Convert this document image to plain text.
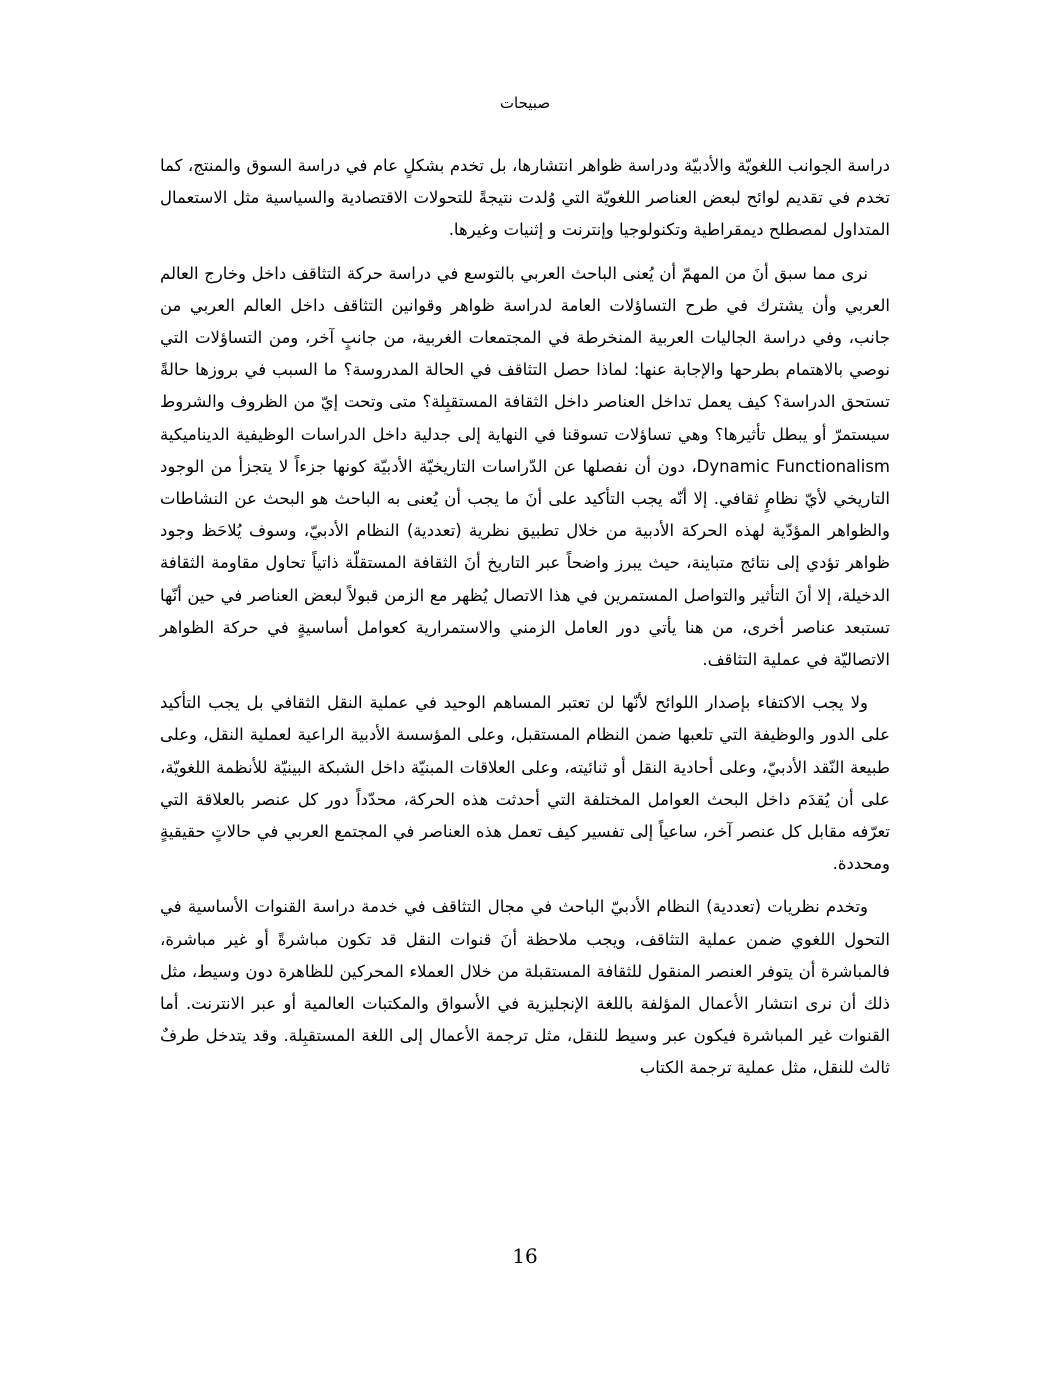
صبيحات

دراسة الجوانب اللغويّة والأدبيّة ودراسة ظواهر انتشارها، بل تخدم بشكلٍ عام في دراسة السوق والمنتج، كما تخدم في تقديم لوائح لبعض العناصر اللغويّة التي وُلدت نتيجةً للتحولات الاقتصادية والسياسية مثل الاستعمال المتداول لمصطلح ديمقراطية وتكنولوجيا وإنترنت و إثنيات وغيرها.

نرى مما سبق أنَ من المهمّ أن يُعنى الباحث العربي بالتوسع في دراسة حركة التثاقف داخل وخارج العالم العربي وأن يشترك في طرح التساؤلات العامة لدراسة ظواهر وقوانين التثاقف داخل العالم العربي من جانب، وفي دراسة الجاليات العربية المنخرطة في المجتمعات الغربية، من جانبٍ آخر، ومن التساؤلات التي نوصي بالاهتمام بطرحها والإجابة عنها: لماذا حصل التثاقف في الحالة المدروسة؟ ما السبب في بروزها حالةً تستحق الدراسة؟ كيف يعمل تداخل العناصر داخل الثقافة المستقبِلة؟ متى وتحت إيّ من الظروف والشروط سيستمرّ أو يبطل تأثيرها؟ وهي تساؤلات تسوقنا في النهاية إلى جدلية داخل الدراسات الوظيفية الديناميكية Dynamic Functionalism، دون أن نفصلها عن الدّراسات التاريخيّة الأدبيّة كونها جزءاً لا يتجزأ من الوجود التاريخي لأيّ نظامٍ ثقافي. إلا أنّه يجب التأكيد على أنَ ما يجب أن يُعنى به الباحث هو البحث عن النشاطات والظواهر المؤدّية لهذه الحركة الأدبية من خلال تطبيق نظرية (تعددية) النظام الأدبيّ، وسوف يُلاحَظ وجود ظواهر تؤدي إلى نتائج متباينة، حيث يبرز واضحاً عبر التاريخ أنَ الثقافة المستقلّة ذاتياً تحاول مقاومة الثقافة الدخيلة، إلا أنَ التأثير والتواصل المستمرين في هذا الاتصال يُظهر مع الزمن قبولاً لبعض العناصر في حين أنّها تستبعد عناصر أخرى، من هنا يأتي دور العامل الزمني والاستمرارية كعوامل أساسيةٍ في حركة الظواهر الاتصاليّة في عملية التثاقف.

ولا يجب الاكتفاء بإصدار اللوائح لأنّها لن تعتبر المساهم الوحيد في عملية النقل الثقافي بل يجب التأكيد على الدور والوظيفة التي تلعبها ضمن النظام المستقبل، وعلى المؤسسة الأدبية الراعية لعملية النقل، وعلى طبيعة النّقد الأدبيّ، وعلى أحادية النقل أو ثنائيته، وعلى العلاقات المبنيّة داخل الشبكة البينيّة للأنظمة اللغويّة، على أن يُقدَم داخل البحث العوامل المختلفة التي أحدثت هذه الحركة، محدّداً دور كل عنصر بالعلاقة التي تعرّفه مقابل كل عنصر آخر، ساعياً إلى تفسير كيف تعمل هذه العناصر في المجتمع العربي في حالاتٍ حقيقيةٍ ومحددة.

وتخدم نظريات (تعددية) النظام الأدبيّ الباحث في مجال التثاقف في خدمة دراسة القنوات الأساسية في التحول اللغوي ضمن عملية التثاقف، ويجب ملاحظة أنَ قنوات النقل قد تكون مباشرةً أو غير مباشرة، فالمباشرة أن يتوفر العنصر المنقول للثقافة المستقبلة من خلال العملاء المحركين للظاهرة دون وسيط، مثل ذلك أن نرى انتشار الأعمال المؤلفة باللغة الإنجليزية في الأسواق والمكتبات العالمية أو عبر الانترنت. أما القنوات غير المباشرة فيكون عبر وسيط للنقل، مثل ترجمة الأعمال إلى اللغة المستقبِلة. وقد يتدخل طرفٌ ثالث للنقل، مثل عملية ترجمة الكتاب

16
